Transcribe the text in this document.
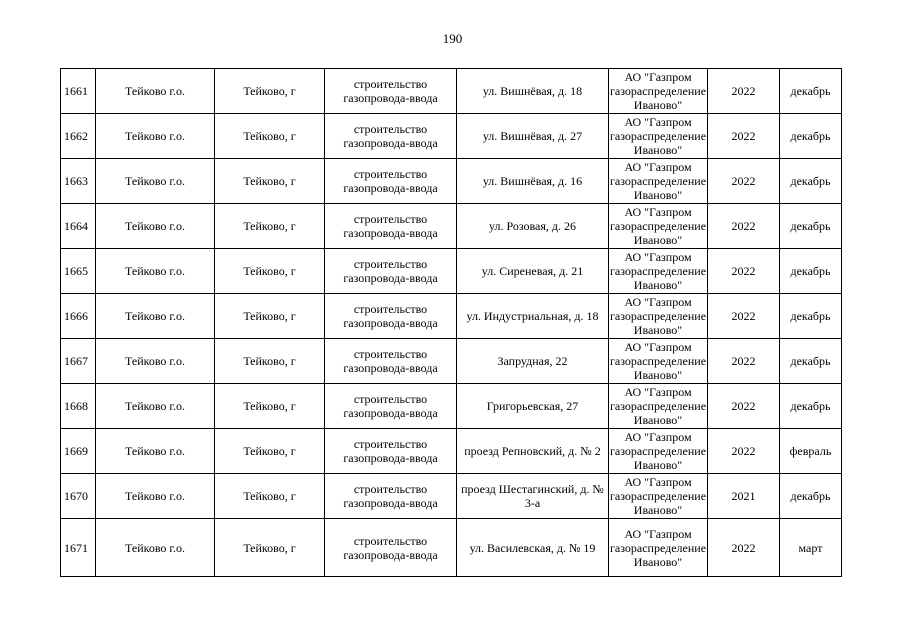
190
1661	Тейково г.о.	Тейково, г	строительство газопровода-ввода	ул. Вишнёвая, д. 18	АО "Газпром газораспределение Иваново"	2022	декабрь
1662	Тейково г.о.	Тейково, г	строительство газопровода-ввода	ул. Вишнёвая, д. 27	АО "Газпром газораспределение Иваново"	2022	декабрь
1663	Тейково г.о.	Тейково, г	строительство газопровода-ввода	ул. Вишнёвая, д. 16	АО "Газпром газораспределение Иваново"	2022	декабрь
1664	Тейково г.о.	Тейково, г	строительство газопровода-ввода	ул. Розовая, д. 26	АО "Газпром газораспределение Иваново"	2022	декабрь
1665	Тейково г.о.	Тейково, г	строительство газопровода-ввода	ул. Сиреневая, д. 21	АО "Газпром газораспределение Иваново"	2022	декабрь
1666	Тейково г.о.	Тейково, г	строительство газопровода-ввода	ул. Индустриальная, д. 18	АО "Газпром газораспределение Иваново"	2022	декабрь
1667	Тейково г.о.	Тейково, г	строительство газопровода-ввода	Запрудная, 22	АО "Газпром газораспределение Иваново"	2022	декабрь
1668	Тейково г.о.	Тейково, г	строительство газопровода-ввода	Григорьевская, 27	АО "Газпром газораспределение Иваново"	2022	декабрь
1669	Тейково г.о.	Тейково, г	строительство газопровода-ввода	проезд Репновский, д. № 2	АО "Газпром газораспределение Иваново"	2022	февраль
1670	Тейково г.о.	Тейково, г	строительство газопровода-ввода	проезд Шестагинский, д. № 3-а	АО "Газпром газораспределение Иваново"	2021	декабрь
1671	Тейково г.о.	Тейково, г	строительство газопровода-ввода	ул. Василевская, д. № 19	АО "Газпром газораспределение Иваново"	2022	март
